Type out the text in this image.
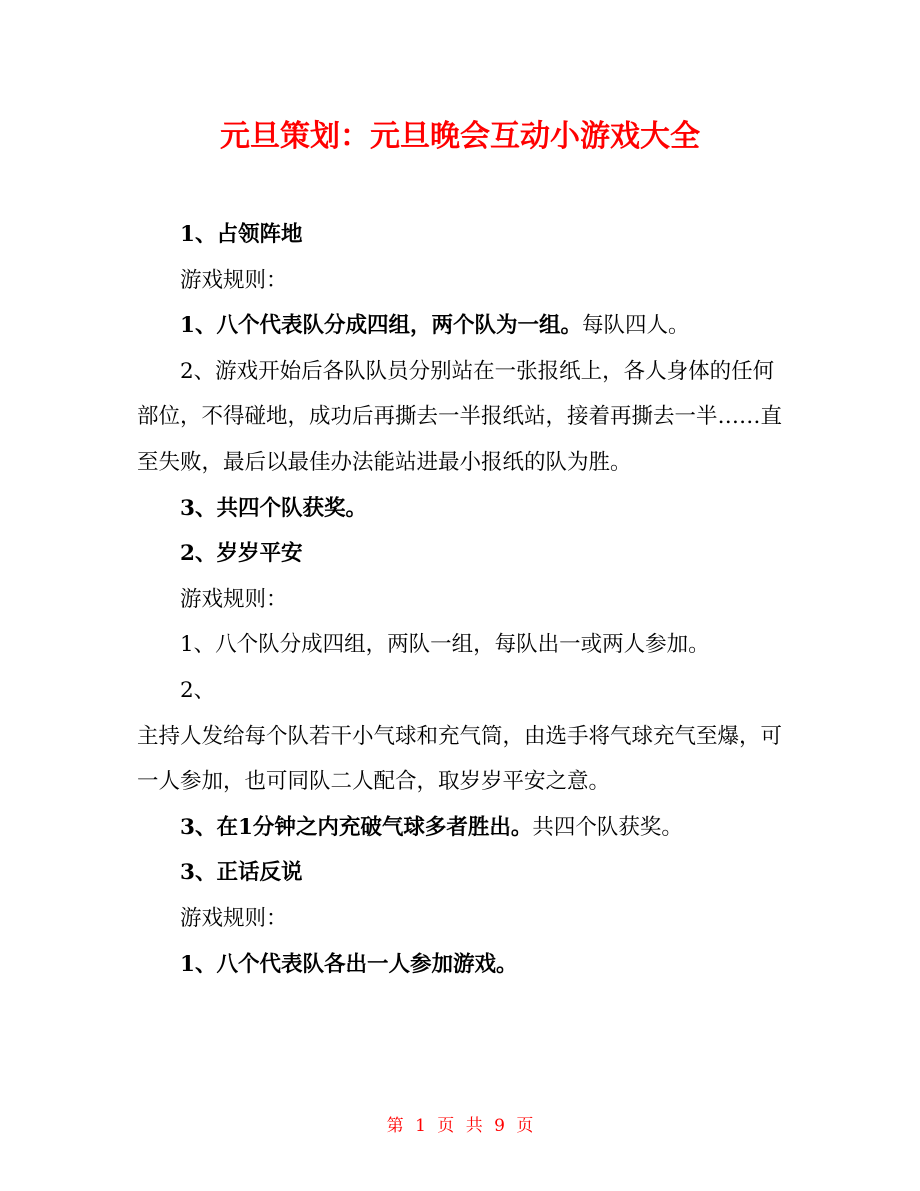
元旦策划：元旦晚会互动小游戏大全

1、占领阵地

游戏规则：

1、八个代表队分成四组，两个队为一组。每队四人。

2、游戏开始后各队队员分别站在一张报纸上，各人身体的任何部位，不得碰地，成功后再撕去一半报纸站，接着再撕去一半……直至失败，最后以最佳办法能站进最小报纸的队为胜。

3、共四个队获奖。

2、岁岁平安

游戏规则：

1、八个队分成四组，两队一组，每队出一或两人参加。

2、

主持人发给每个队若干小气球和充气筒，由选手将气球充气至爆，可一人参加，也可同队二人配合，取岁岁平安之意。

3、在1分钟之内充破气球多者胜出。共四个队获奖。

3、正话反说

游戏规则：

1、八个代表队各出一人参加游戏。

第 1 页 共 9 页
